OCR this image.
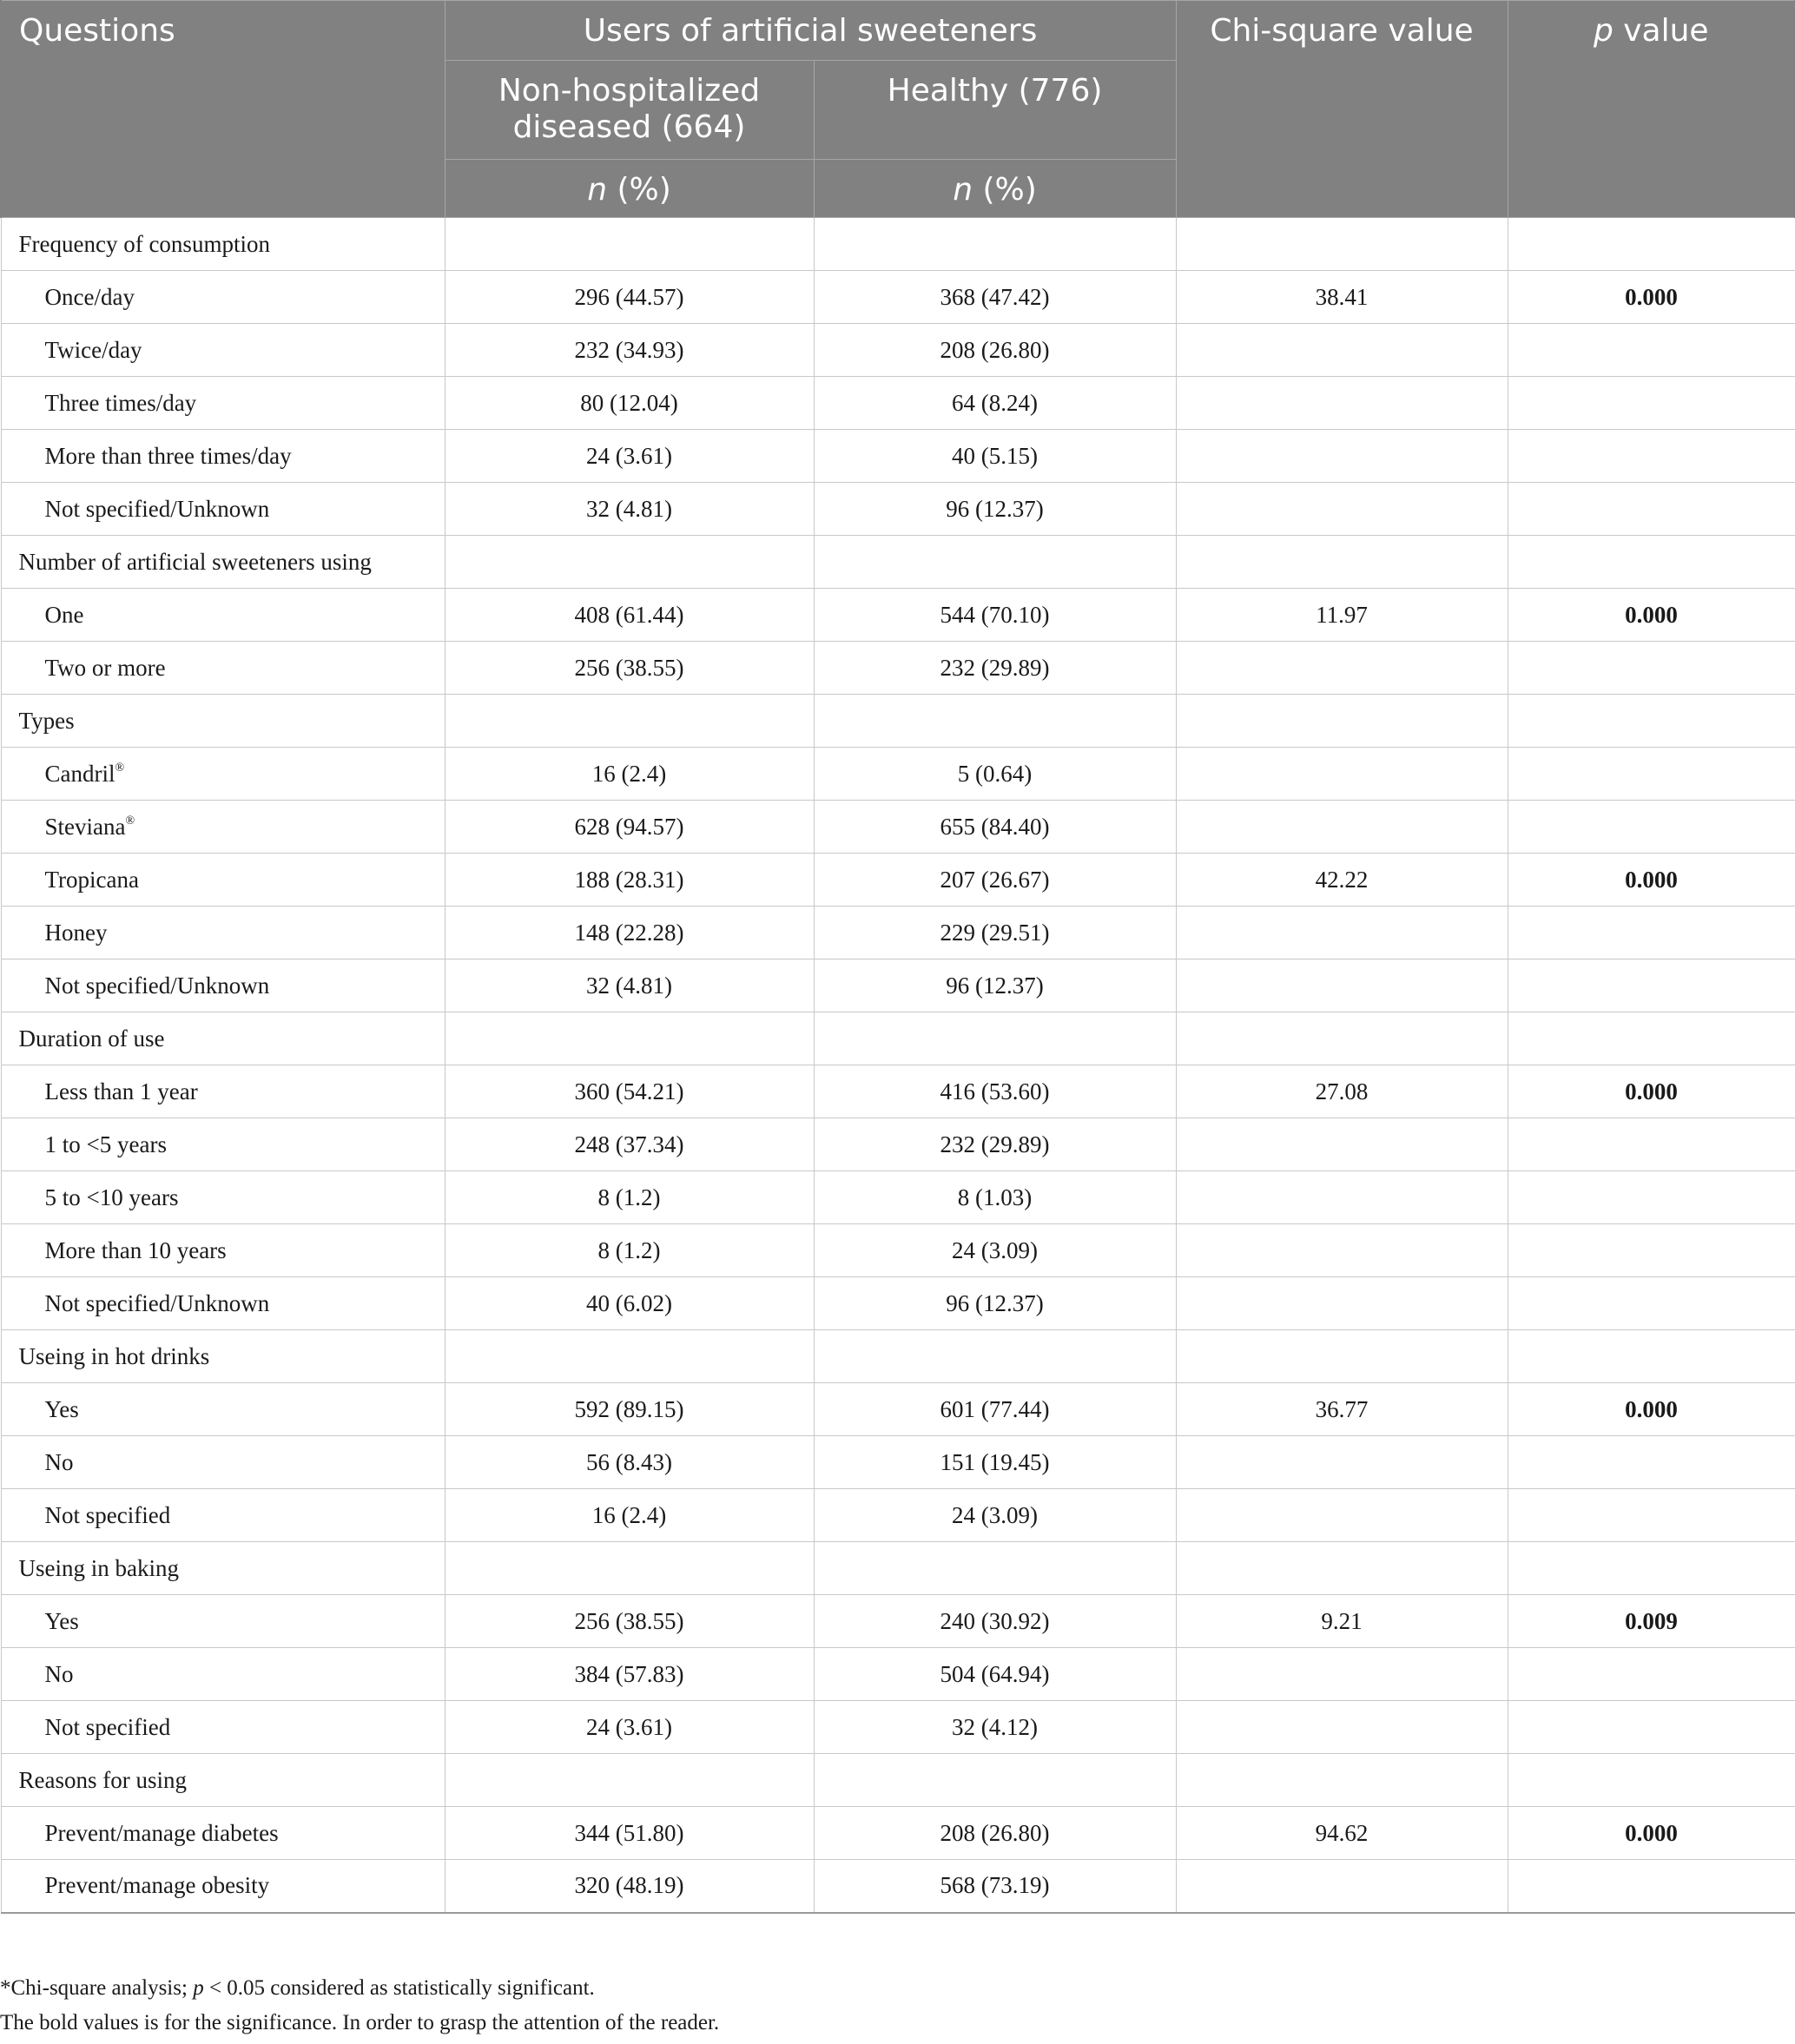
Questions	Users of artificial sweeteners		Chi-square value	p value
	Non-hospitalized diseased (664)	Healthy (776)		
	n (%)	n (%)		
Frequency of consumption				
Once/day	296 (44.57)	368 (47.42)	38.41	0.000
Twice/day	232 (34.93)	208 (26.80)		
Three times/day	80 (12.04)	64 (8.24)		
More than three times/day	24 (3.61)	40 (5.15)		
Not specified/Unknown	32 (4.81)	96 (12.37)		
Number of artificial sweeteners using				
One	408 (61.44)	544 (70.10)	11.97	0.000
Two or more	256 (38.55)	232 (29.89)		
Types				
Candril®	16 (2.4)	5 (0.64)		
Steviana®	628 (94.57)	655 (84.40)		
Tropicana	188 (28.31)	207 (26.67)	42.22	0.000
Honey	148 (22.28)	229 (29.51)		
Not specified/Unknown	32 (4.81)	96 (12.37)		
Duration of use				
Less than 1 year	360 (54.21)	416 (53.60)	27.08	0.000
1 to <5 years	248 (37.34)	232 (29.89)		
5 to <10 years	8 (1.2)	8 (1.03)		
More than 10 years	8 (1.2)	24 (3.09)		
Not specified/Unknown	40 (6.02)	96 (12.37)		
Useing in hot drinks				
Yes	592 (89.15)	601 (77.44)	36.77	0.000
No	56 (8.43)	151 (19.45)		
Not specified	16 (2.4)	24 (3.09)		
Useing in baking				
Yes	256 (38.55)	240 (30.92)	9.21	0.009
No	384 (57.83)	504 (64.94)		
Not specified	24 (3.61)	32 (4.12)		
Reasons for using				
Prevent/manage diabetes	344 (51.80)	208 (26.80)	94.62	0.000
Prevent/manage obesity	320 (48.19)	568 (73.19)		
*Chi-square analysis; p < 0.05 considered as statistically significant.
The bold values is for the significance. In order to grasp the attention of the reader.
